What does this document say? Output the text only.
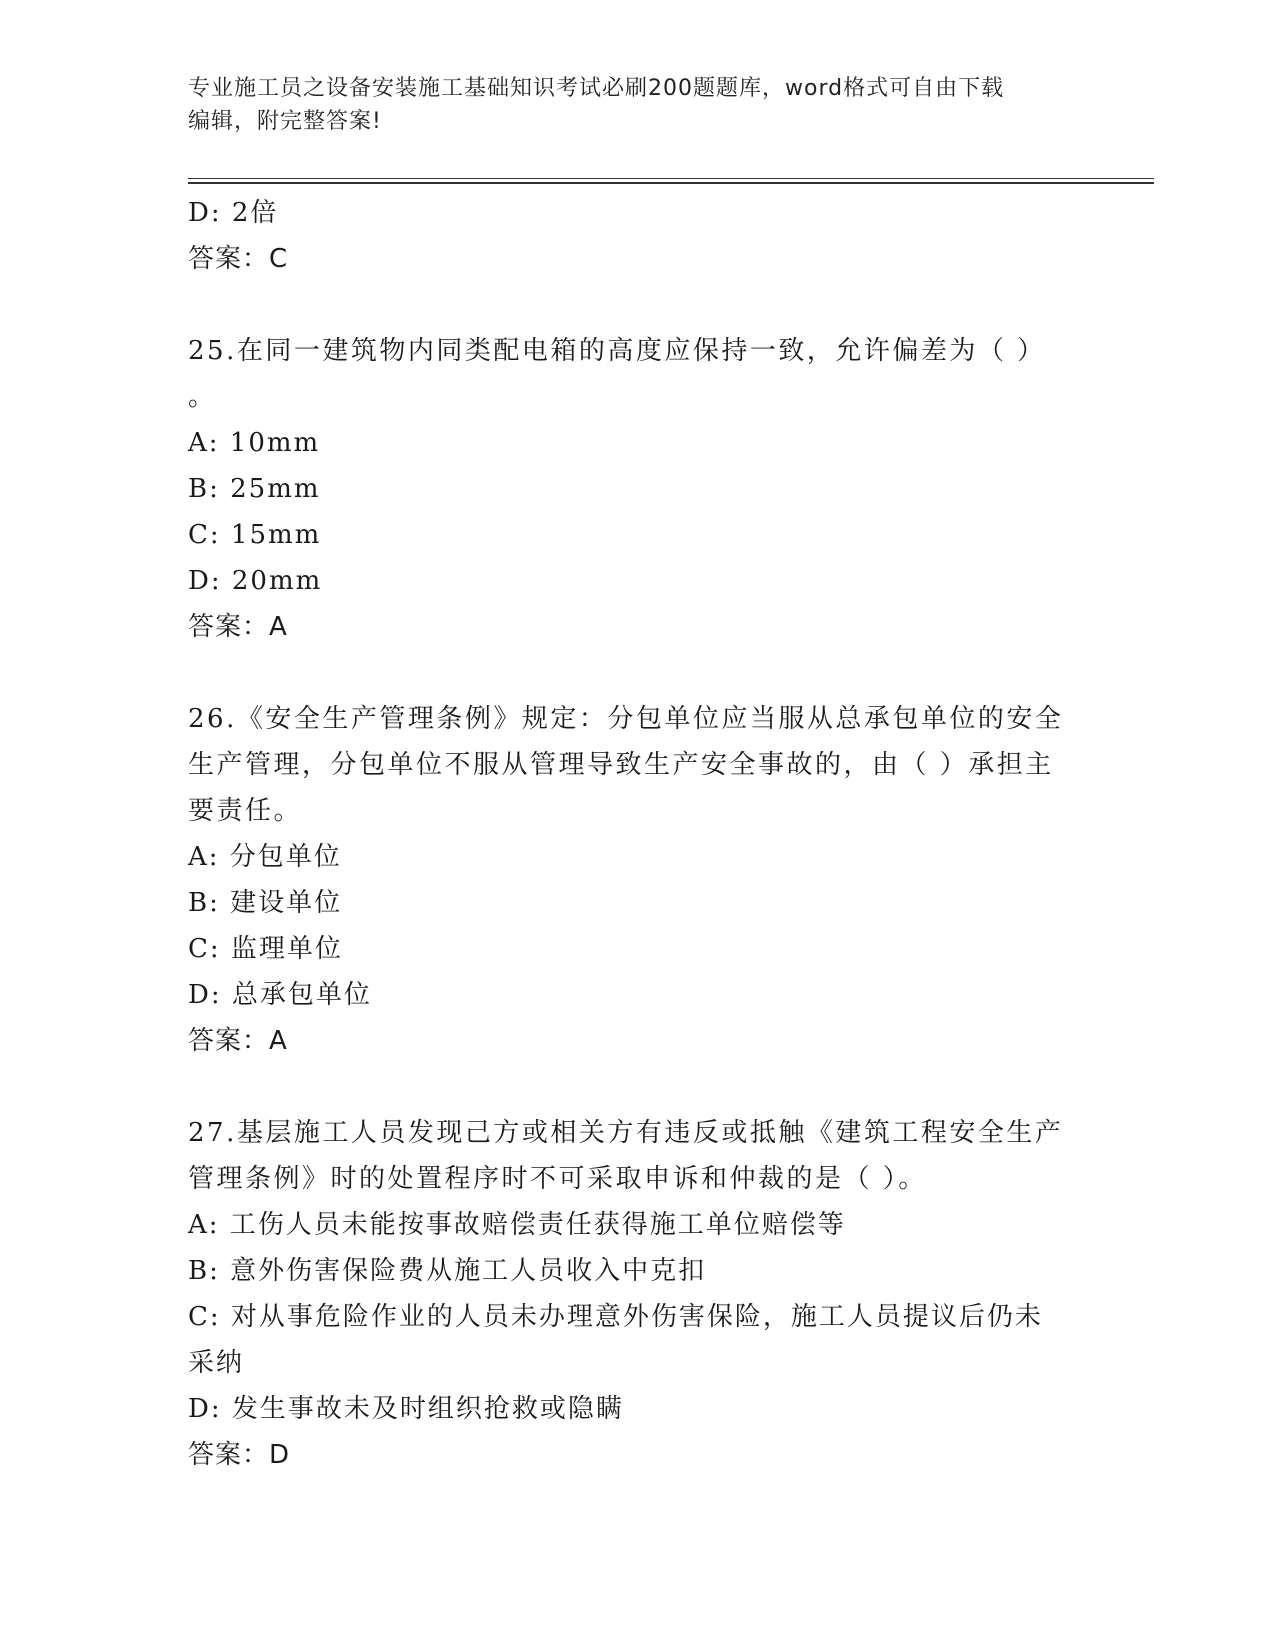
专业施工员之设备安装施工基础知识考试必刷200题题库，word格式可自由下载
编辑，附完整答案!
D: 2倍
答案：C
25.在同一建筑物内同类配电箱的高度应保持一致，允许偏差为（ ）
。
A: 10mm
B: 25mm
C: 15mm
D: 20mm
答案：A
26.《安全生产管理条例》规定：分包单位应当服从总承包单位的安全
生产管理，分包单位不服从管理导致生产安全事故的，由（ ）承担主
要责任。
A: 分包单位
B: 建设单位
C: 监理单位
D: 总承包单位
答案：A
27.基层施工人员发现己方或相关方有违反或抵触《建筑工程安全生产
管理条例》时的处置程序时不可采取申诉和仲裁的是（ ）。
A: 工伤人员未能按事故赔偿责任获得施工单位赔偿等
B: 意外伤害保险费从施工人员收入中克扣
C: 对从事危险作业的人员未办理意外伤害保险，施工人员提议后仍未
采纳
D: 发生事故未及时组织抢救或隐瞒
答案：D
